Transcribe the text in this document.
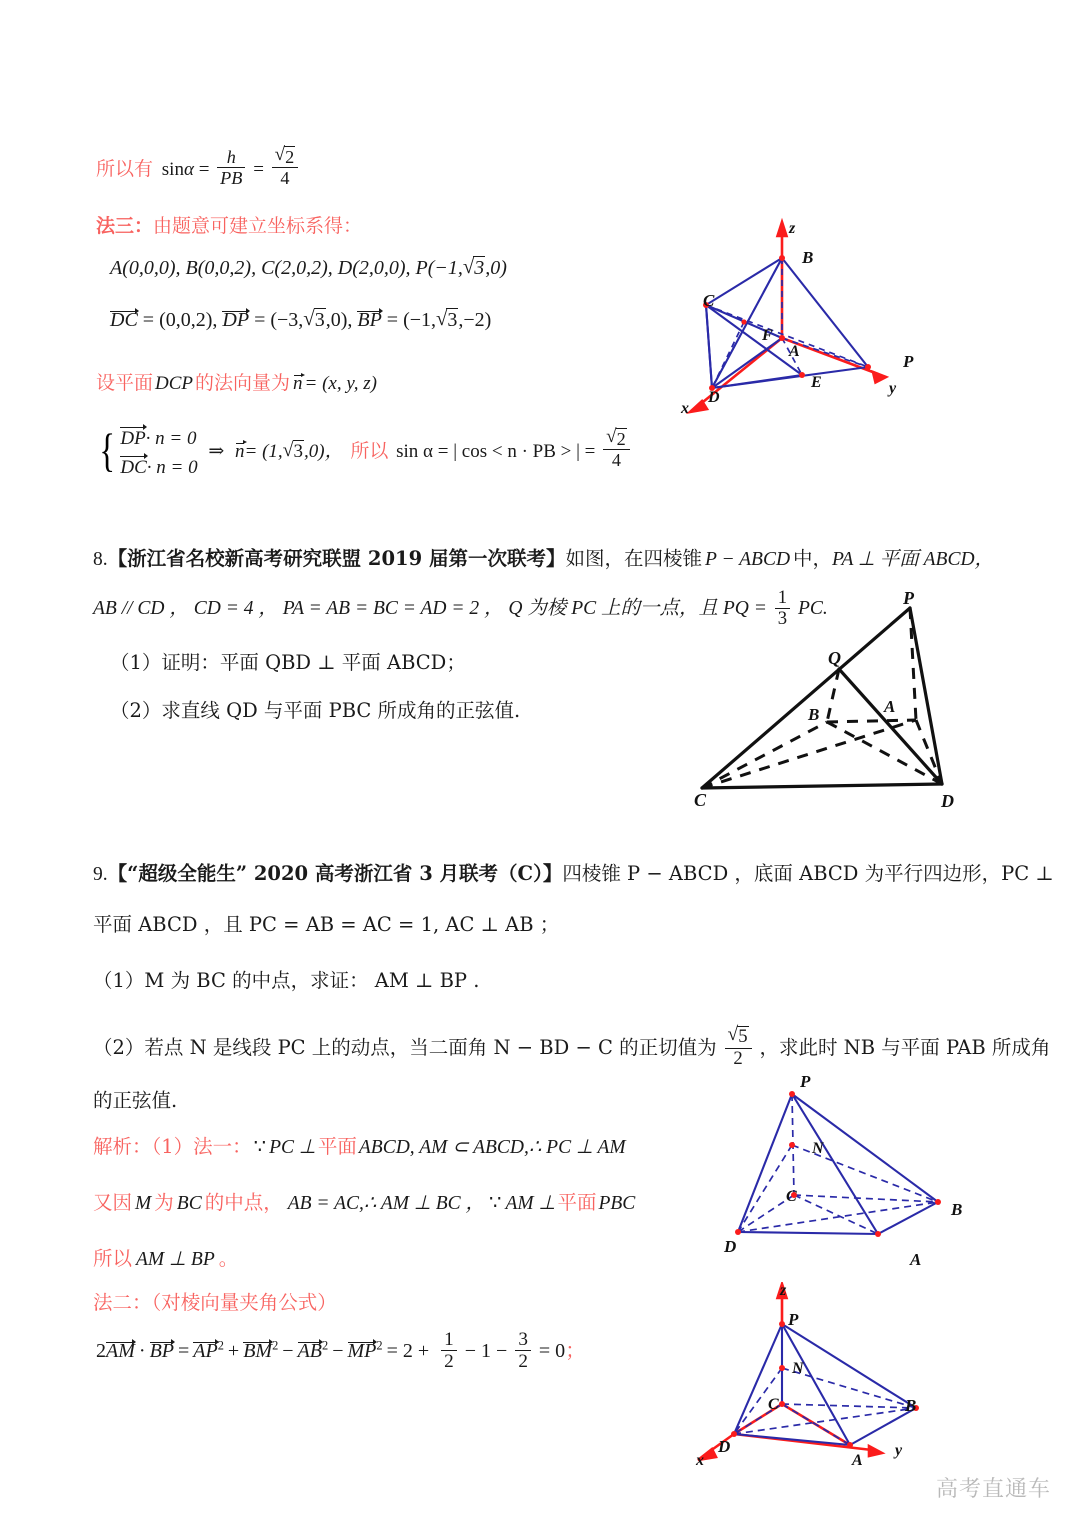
所以有 $\sin\alpha = \frac{h}{PB}$ = √ $\frac{2}{4}$
法三：由题意可建立坐标系得：
A(0,0,0), B(0,0,2), C(2,0,2), D(2,0,0), P(−1, √ 3,0)
DC = (0,0,2), DP = (−3, √ 3,0), BP = (−1, √ 3,−2)
设平面 DCP 的法向量为 n = (x, y, z)
{ DP· n = 0
DC· n = 0
⇒ n= (1, √ 3,0)， 所以 sin α = | cos < n · PB > | = √ $\frac{2}{4}$
z
B
C
F
A
P
E	y
D
x
8.【浙江省名校新高考研究联盟 2019 届第一次联考】如图，在四棱锥 P − ABCD 中，PA ⊥ 平面 ABCD，
AB // CD ， CD = 4 ， PA = AB = BC = AD = 2 ， Q 为棱 PC 上的一点，且 PQ = $\frac{1}{3}$ PC.
（1）证明：平面 QBD ⊥ 平面 ABCD；
（2）求直线 QD 与平面 PBC 所成角的正弦值.
P
Q
B	A
C	D
9.【“超级全能生” 2020 高考浙江省 3 月联考（C）】四棱锥 P − ABCD ，底面 ABCD 为平行四边形，PC ⊥
平面 ABCD ，且 PC = AB = AC = 1, AC ⊥ AB ；
（1）M 为 BC 的中点，求证： AM ⊥ BP .
（2）若点 N 是线段 PC 上的动点，当二面角 N − BD − C 的正切值为 √ $\frac{5}{2}$ ，求此时 NB 与平面 PAB 所成角
的正弦值.
解析：（1）法一： ∵ PC ⊥ 平面 ABCD, AM ⊂ ABCD,∴ PC ⊥ AM
又因 M 为 BC 的中点， AB = AC,∴ AM ⊥ BC ， ∵ AM ⊥ 平面 PBC
所以 AM ⊥ BP 。
法二：（对棱向量夹角公式）
2
AM · BP = $AP^2 + BM^2 - AB^2 - MP^2 = 2 + \frac{1}{2} - 1 - \frac{3}{2} = 0$；
P
N
C
B
D
A
z
P
N
C	B
D
x	A
y
高考直通车
